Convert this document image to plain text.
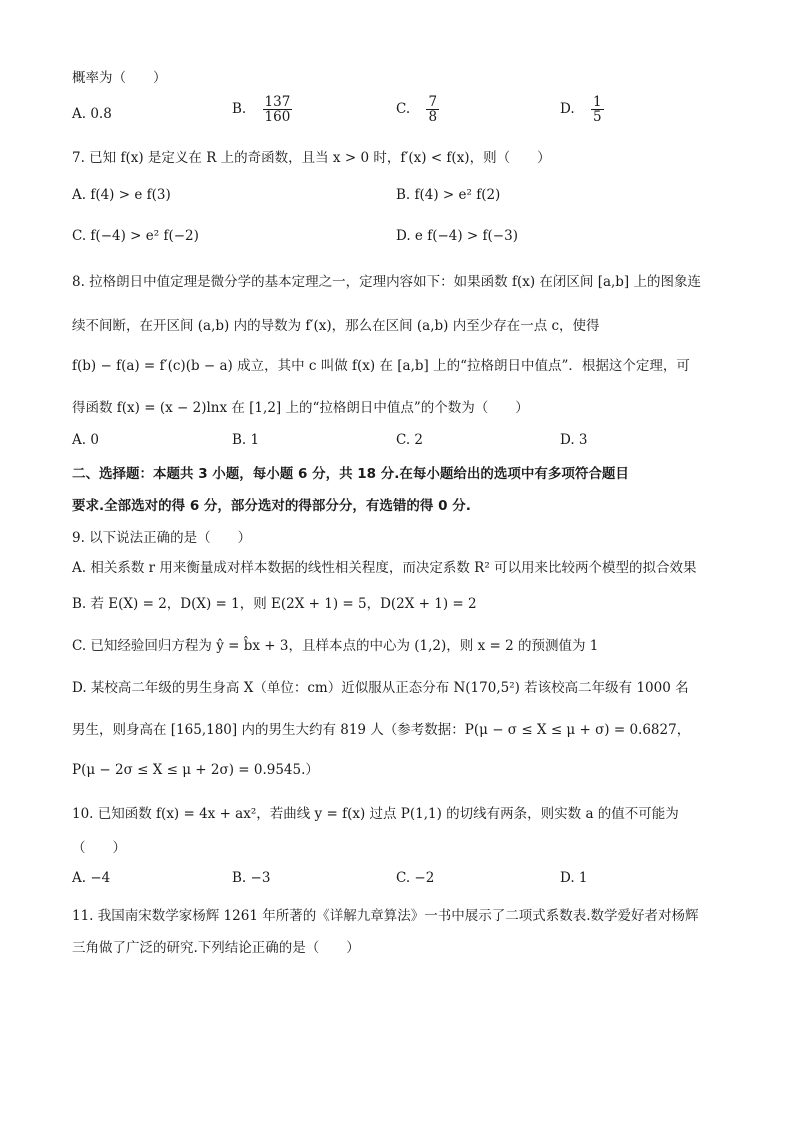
概率为（　　）
A. 0.8	B. $\frac{137}{160}$	C. $\frac{7}{8}$	D. $\frac{1}{5}$
7. 已知 f(x) 是定义在 R 上的奇函数，且当 x > 0 时，f′(x) < f(x)，则（　　）
A. f(4) > e f(3)	B. f(4) > e² f(2)
C. f(−4) > e² f(−2)	D. e f(−4) > f(−3)
8. 拉格朗日中值定理是微分学的基本定理之一，定理内容如下：如果函数 f(x) 在闭区间 [a,b] 上的图象连
续不间断，在开区间 (a,b) 内的导数为 f′(x)，那么在区间 (a,b) 内至少存在一点 c，使得
f(b) − f(a) = f′(c)(b − a) 成立，其中 c 叫做 f(x) 在 [a,b] 上的“拉格朗日中值点”．根据这个定理，可
得函数 f(x) = (x − 2)lnx 在 [1,2] 上的“拉格朗日中值点”的个数为（　　）
A. 0	B. 1	C. 2	D. 3
二、选择题：本题共 3 小题，每小题 6 分，共 18 分.在每小题给出的选项中有多项符合题目
要求.全部选对的得 6 分，部分选对的得部分分，有选错的得 0 分.
9. 以下说法正确的是（　　）
A. 相关系数 r 用来衡量成对样本数据的线性相关程度，而决定系数 R² 可以用来比较两个模型的拟合效果
B. 若 E(X) = 2，D(X) = 1，则 E(2X + 1) = 5，D(2X + 1) = 2
C. 已知经验回归方程为 ŷ = b̂x + 3，且样本点的中心为 (1,2)，则 x = 2 的预测值为 1
D. 某校高二年级的男生身高 X（单位：cm）近似服从正态分布 N(170,5²) 若该校高二年级有 1000 名
男生，则身高在 [165,180] 内的男生大约有 819 人（参考数据：P(μ − σ ≤ X ≤ μ + σ) = 0.6827，
P(μ − 2σ ≤ X ≤ μ + 2σ) = 0.9545.）
10. 已知函数 f(x) = 4x + ax²，若曲线 y = f(x) 过点 P(1,1) 的切线有两条，则实数 a 的值不可能为
（　　）
A. −4	B. −3	C. −2	D. 1
11. 我国南宋数学家杨辉 1261 年所著的《详解九章算法》一书中展示了二项式系数表.数学爱好者对杨辉
三角做了广泛的研究.下列结论正确的是（　　）
